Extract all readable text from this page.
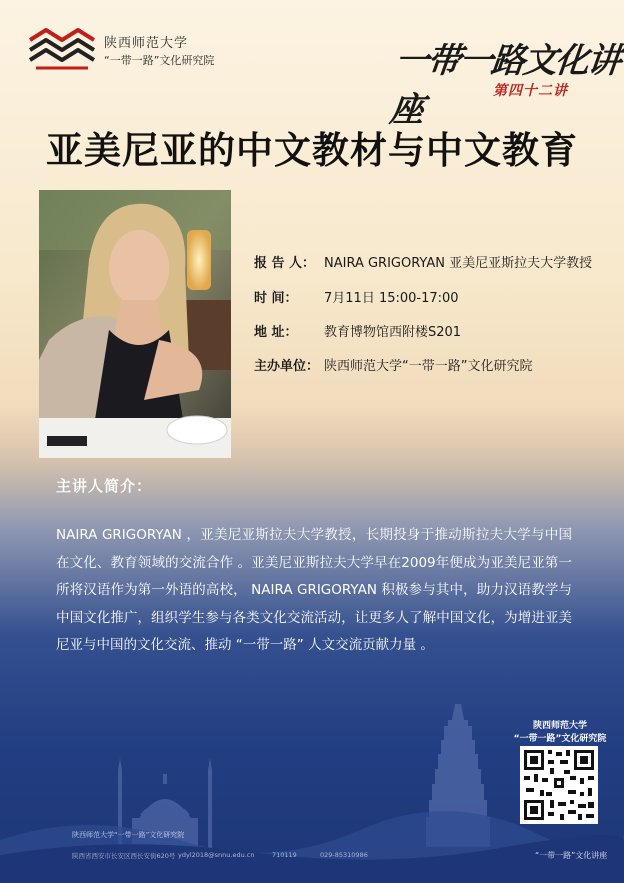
陕西师范大学
“一带一路”文化研究院	一带一路文化讲座	第四十二讲
亚美尼亚的中文教材与中文教育
报 告 人： NAIRA GRIGORYAN 亚美尼亚斯拉夫大学教授
时 间： 7月11日 15:00-17:00
地 址： 教育博物馆西附楼S201
主办单位： 陕西师范大学“一带一路”文化研究院
主讲人简介：
NAIRA GRIGORYAN ，亚美尼亚斯拉夫大学教授，长期投身于推动斯拉夫大学与中国在文化、教育领域的交流合作 。亚美尼亚斯拉夫大学早在2009年便成为亚美尼亚第一所将汉语作为第一外语的高校， NAIRA GRIGORYAN 积极参与其中，助力汉语教学与中国文化推广，组织学生参与各类文化交流活动，让更多人了解中国文化，为增进亚美尼亚与中国的文化交流、推动 “一带一路” 人文交流贡献力量 。
陕西师范大学
“一带一路”文化研究院
陕西师范大学“一带一路”文化研究院
陕西省西安市长安区西长安街620号 ydyl2018@snnu.edu.cn	710119	029-85310986	“一带一路”文化讲座
